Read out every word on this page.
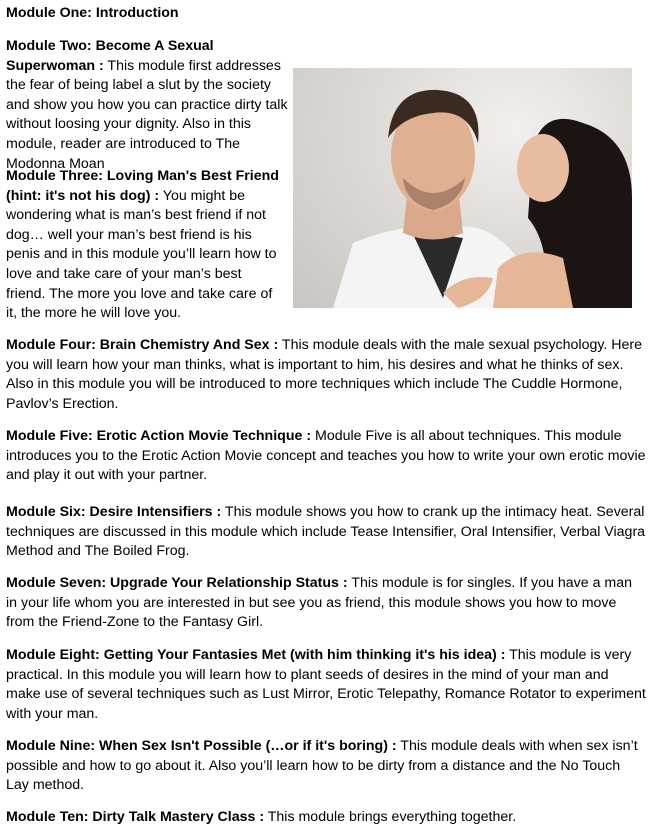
Module One: Introduction

Module Two: Become A Sexual Superwoman : This module first addresses the fear of being label a slut by the society and show you how you can practice dirty talk without loosing your dignity. Also in this module, reader are introduced to The Modonna Moan

Module Three: Loving Man's Best Friend (hint: it's not his dog) : You might be wondering what is man’s best friend if not dog… well your man’s best friend is his penis and in this module you’ll learn how to love and take care of your man’s best friend. The more you love and take care of it, the more he will love you.

Module Four: Brain Chemistry And Sex : This module deals with the male sexual psychology. Here you will learn how your man thinks, what is important to him, his desires and what he thinks of sex. Also in this module you will be introduced to more techniques which include The Cuddle Hormone, Pavlov’s Erection.

Module Five: Erotic Action Movie Technique : Module Five is all about techniques. This module introduces you to the Erotic Action Movie concept and teaches you how to write your own erotic movie and play it out with your partner.

Module Six: Desire Intensifiers : This module shows you how to crank up the intimacy heat. Several techniques are discussed in this module which include Tease Intensifier, Oral Intensifier, Verbal Viagra Method and The Boiled Frog.

Module Seven: Upgrade Your Relationship Status : This module is for singles. If you have a man in your life whom you are interested in but see you as friend, this module shows you how to move from the Friend-Zone to the Fantasy Girl.

Module Eight: Getting Your Fantasies Met (with him thinking it's his idea) : This module is very practical. In this module you will learn how to plant seeds of desires in the mind of your man and make use of several techniques such as Lust Mirror, Erotic Telepathy, Romance Rotator to experiment with your man.

Module Nine: When Sex Isn't Possible (…or if it's boring) : This module deals with when sex isn’t possible and how to go about it. Also you’ll learn how to be dirty from a distance and the No Touch Lay method.

Module Ten: Dirty Talk Mastery Class : This module brings everything together.
